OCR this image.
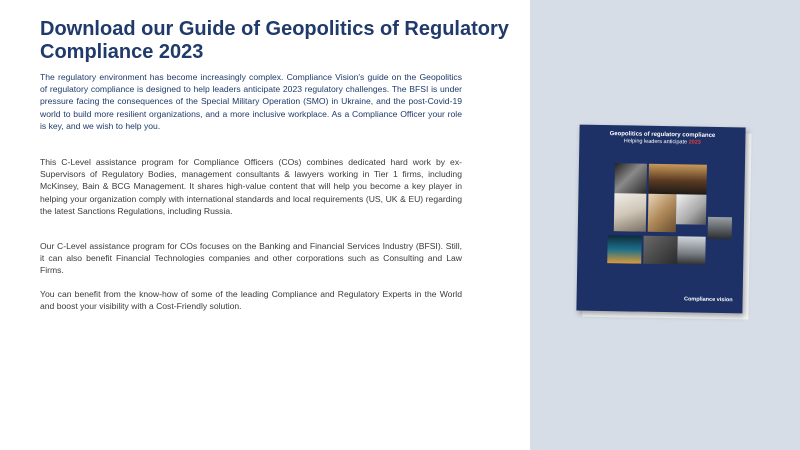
Download our Guide of Geopolitics of Regulatory Compliance 2023

The regulatory environment has become increasingly complex. Compliance Vision's guide on the Geopolitics of regulatory compliance is designed to help leaders anticipate 2023 regulatory challenges. The BFSI is under pressure facing the consequences of the Special Military Operation (SMO) in Ukraine, and the post-Covid-19 world to build more resilient organizations, and a more inclusive workplace. As a Compliance Officer your role is key, and we wish to help you.

This C-Level assistance program for Compliance Officers (COs) combines dedicated hard work by ex-Supervisors of Regulatory Bodies, management consultants & lawyers working in Tier 1 firms, including McKinsey, Bain & BCG Management. It shares high-value content that will help you become a key player in helping your organization comply with international standards and local requirements (US, UK & EU) regarding the latest Sanctions Regulations, including Russia.

Our C-Level assistance program for COs focuses on the Banking and Financial Services Industry (BFSI). Still, it can also benefit Financial Technologies companies and other corporations such as Consulting and Law Firms.

You can benefit from the know-how of some of the leading Compliance and Regulatory Experts in the World and boost your visibility with a Cost-Friendly solution.

Geopolitics of regulatory compliance
Helping leaders anticipate 2023
Compliance vision
